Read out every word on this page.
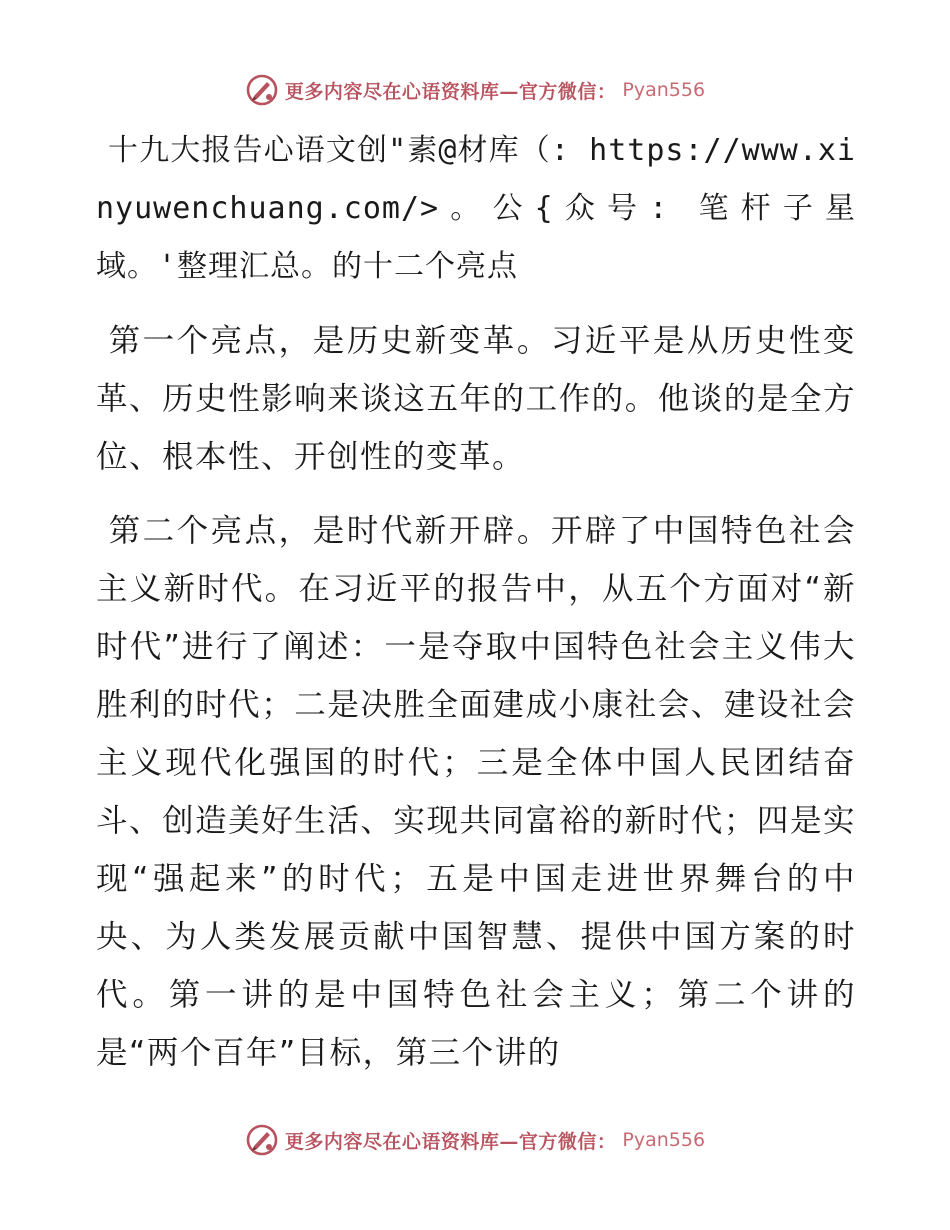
更多内容尽在心语资料库—官方微信： Pyan556

十九大报告心语文创"素@材库（: https://www.xinyuwenchuang.com/>。公{众号: 笔杆子星域。'整理汇总。的十二个亮点

第一个亮点，是历史新变革。习近平是从历史性变革、历史性影响来谈这五年的工作的。他谈的是全方位、根本性、开创性的变革。

第二个亮点，是时代新开辟。开辟了中国特色社会主义新时代。在习近平的报告中，从五个方面对“新时代”进行了阐述：一是夺取中国特色社会主义伟大胜利的时代；二是决胜全面建成小康社会、建设社会主义现代化强国的时代；三是全体中国人民团结奋斗、创造美好生活、实现共同富裕的新时代；四是实现“强起来”的时代；五是中国走进世界舞台的中央、为人类发展贡献中国智慧、提供中国方案的时代。第一讲的是中国特色社会主义；第二个讲的是“两个百年”目标，第三个讲的

更多内容尽在心语资料库—官方微信： Pyan556
